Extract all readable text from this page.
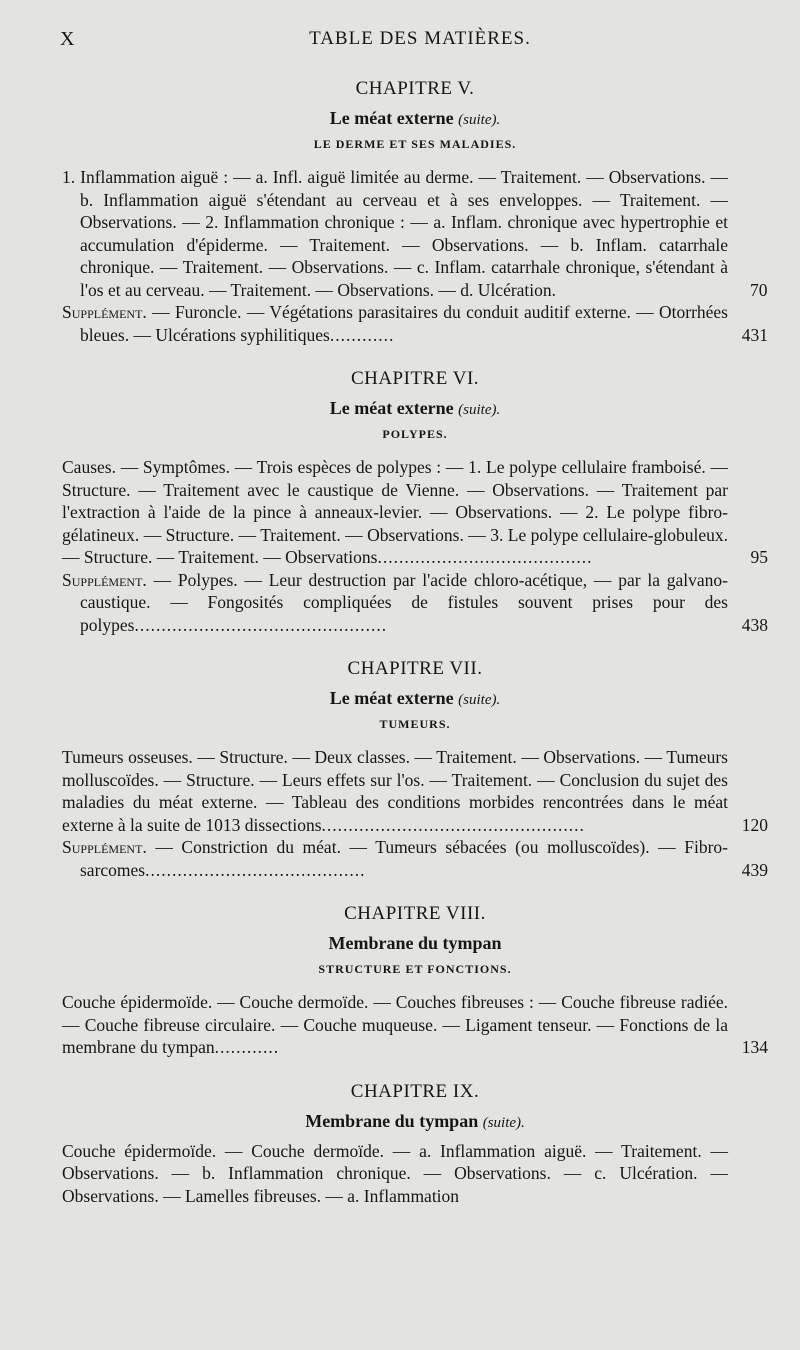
X	TABLE DES MATIÈRES.
CHAPITRE V.
Le méat externe (suite).
LE DERME ET SES MALADIES.

1. Inflammation aiguë : — a. Infl. aiguë limitée au derme. — Traitement. — Observations. — b. Inflammation aiguë s'étendant au cerveau et à ses enveloppes. — Traitement. — Observations. — 2. Inflammation chronique : — a. Inflam. chronique avec hypertrophie et accumulation d'épiderme. — Traitement. — Observations. — b. Inflam. catarrhale chronique. — Traitement. — Observations. — c. Inflam. catarrhale chronique, s'étendant à l'os et au cerveau. — Traitement. — Observations. — d. Ulcération.	70

Supplément. — Furoncle. — Végétations parasitaires du conduit auditif externe. — Otorrhées bleues. — Ulcérations syphilitiques............	431

CHAPITRE VI.
Le méat externe (suite).
POLYPES.

Causes. — Symptômes. — Trois espèces de polypes : — 1. Le polype cellulaire framboisé. — Structure. — Traitement avec le caustique de Vienne. — Observations. — Traitement par l'extraction à l'aide de la pince à anneaux-levier. — Observations. — 2. Le polype fibro-gélatineux. — Structure. — Traitement. — Observations. — 3. Le polype cellulaire-globuleux. — Structure. — Traitement. — Observations........................................	95

Supplément. — Polypes. — Leur destruction par l'acide chloro-acétique, — par la galvano-caustique. — Fongosités compliquées de fistules souvent prises pour des polypes...............................................	438

CHAPITRE VII.
Le méat externe (suite).
TUMEURS.

Tumeurs osseuses. — Structure. — Deux classes. — Traitement. — Observations. — Tumeurs molluscoïdes. — Structure. — Leurs effets sur l'os. — Traitement. — Conclusion du sujet des maladies du méat externe. — Tableau des conditions morbides rencontrées dans le méat externe à la suite de 1013 dissections.................................................	120

Supplément. — Constriction du méat. — Tumeurs sébacées (ou molluscoïdes). — Fibro-sarcomes.........................................	439

CHAPITRE VIII.
Membrane du tympan
STRUCTURE ET FONCTIONS.

Couche épidermoïde. — Couche dermoïde. — Couches fibreuses : — Couche fibreuse radiée. — Couche fibreuse circulaire. — Couche muqueuse. — Ligament tenseur. — Fonctions de la membrane du tympan............	134

CHAPITRE IX.
Membrane du tympan (suite).

Couche épidermoïde. — Couche dermoïde. — a. Inflammation aiguë. — Traitement. — Observations. — b. Inflammation chronique. — Observations. — c. Ulcération. — Observations. — Lamelles fibreuses. — a. Inflammation
